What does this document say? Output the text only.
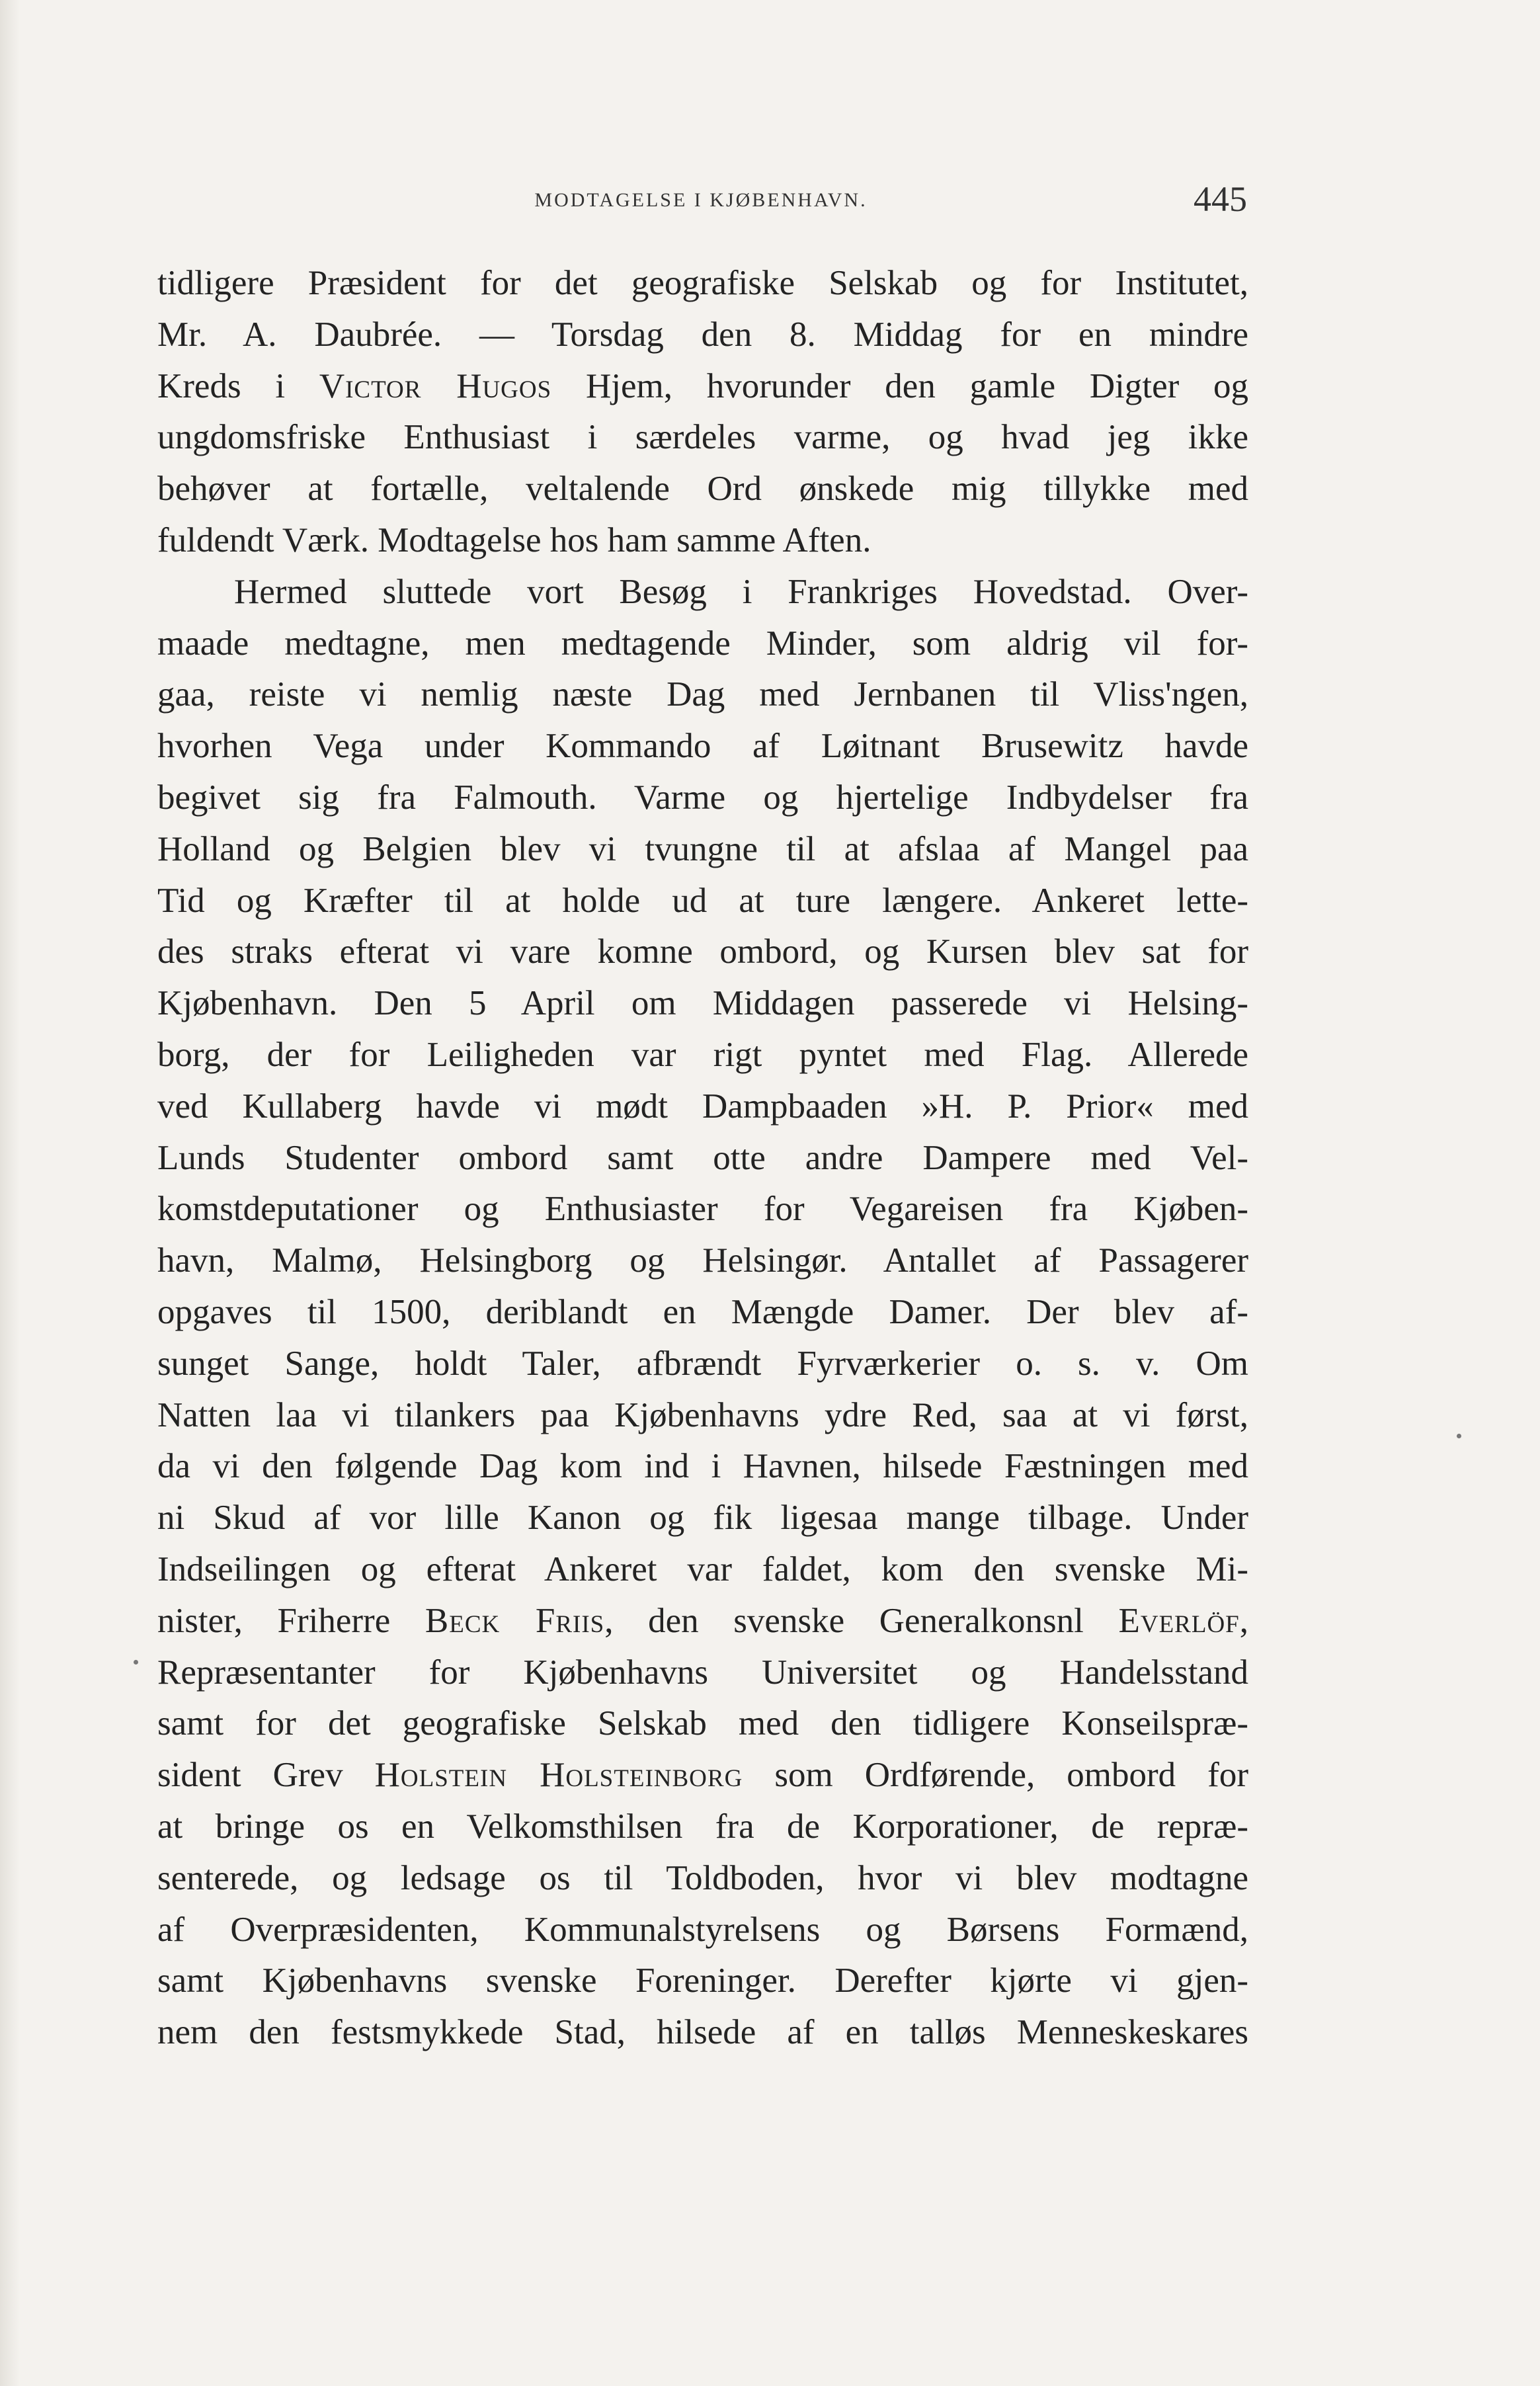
MODTAGELSE I KJØBENHAVN.	445
tidligere Præsident for det geografiske Selskab og for Institutet,
Mr. A. Daubrée. — Torsdag den 8. Middag for en mindre
Kreds i Victor Hugos Hjem, hvorunder den gamle Digter og
ungdomsfriske Enthusiast i særdeles varme, og hvad jeg ikke
behøver at fortælle, veltalende Ord ønskede mig tillykke med
fuldendt Værk. Modtagelse hos ham samme Aften.
Hermed sluttede vort Besøg i Frankriges Hovedstad. Over-
maade medtagne, men medtagende Minder, som aldrig vil for-
gaa, reiste vi nemlig næste Dag med Jernbanen til Vliss'ngen,
hvorhen Vega under Kommando af Løitnant Brusewitz havde
begivet sig fra Falmouth. Varme og hjertelige Indbydelser fra
Holland og Belgien blev vi tvungne til at afslaa af Mangel paa
Tid og Kræfter til at holde ud at ture længere. Ankeret lette-
des straks efterat vi vare komne ombord, og Kursen blev sat for
Kjøbenhavn. Den 5 April om Middagen passerede vi Helsing-
borg, der for Leiligheden var rigt pyntet med Flag. Allerede
ved Kullaberg havde vi mødt Dampbaaden »H. P. Prior« med
Lunds Studenter ombord samt otte andre Dampere med Vel-
komstdeputationer og Enthusiaster for Vegareisen fra Kjøben-
havn, Malmø, Helsingborg og Helsingør. Antallet af Passagerer
opgaves til 1500, deriblandt en Mængde Damer. Der blev af-
sunget Sange, holdt Taler, afbrændt Fyrværkerier o. s. v. Om
Natten laa vi tilankers paa Kjøbenhavns ydre Red, saa at vi først,
da vi den følgende Dag kom ind i Havnen, hilsede Fæstningen med
ni Skud af vor lille Kanon og fik ligesaa mange tilbage. Under
Indseilingen og efterat Ankeret var faldet, kom den svenske Mi-
nister, Friherre Beck Friis, den svenske Generalkonsnl Everlöf,
Repræsentanter for Kjøbenhavns Universitet og Handelsstand
samt for det geografiske Selskab med den tidligere Konseilspræ-
sident Grev Holstein Holsteinborg som Ordførende, ombord for
at bringe os en Velkomsthilsen fra de Korporationer, de repræ-
senterede, og ledsage os til Toldboden, hvor vi blev modtagne
af Overpræsidenten, Kommunalstyrelsens og Børsens Formænd,
samt Kjøbenhavns svenske Foreninger. Derefter kjørte vi gjen-
nem den festsmykkede Stad, hilsede af en talløs Menneskeskares
